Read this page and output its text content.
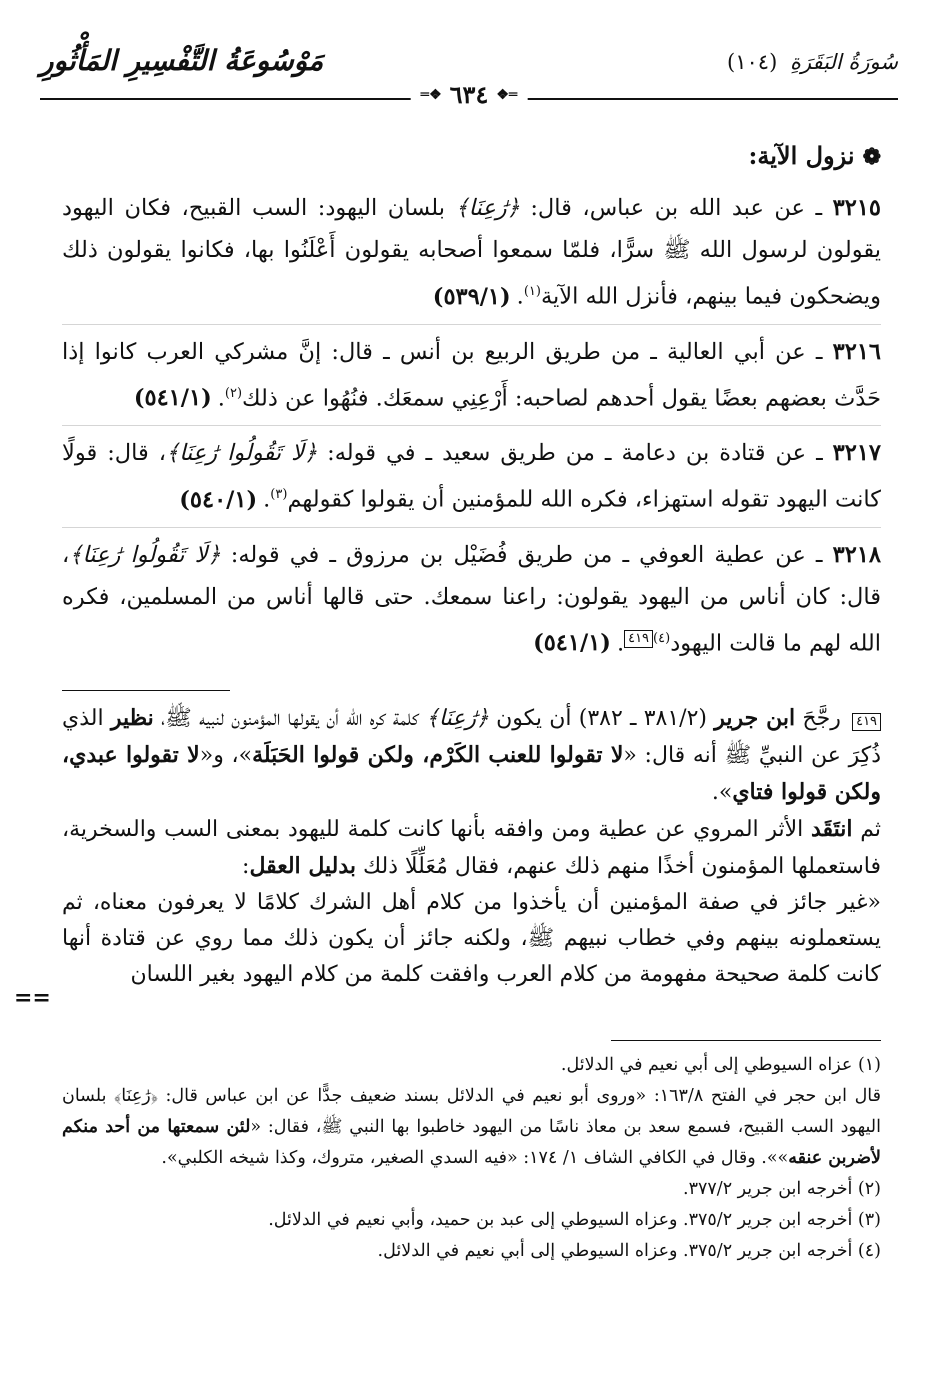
مَوْسُوعَةُ التَّفْسِيرِ المَأْثُورِ	سُورَةُ البَقَرَةِ (١٠٤)
═❖
٦٣٤
❖═
❁نزول الآية:

٣٢١٥ ـ عن عبد الله بن عباس، قال: ﴿رَٰعِنَا﴾ بلسان اليهود: السب القبيح، فكان اليهود يقولون لرسول الله ﷺ سرًّا، فلمّا سمعوا أصحابه يقولون أَعْلَنُوا بها، فكانوا يقولون ذلك ويضحكون فيما بينهم، فأنزل الله الآية$^{(١)}$.(٥٣٩/١)

٣٢١٦ ـ عن أبي العالية ـ من طريق الربيع بن أنس ـ قال: إنَّ مشركي العرب كانوا إذا حَدَّث بعضهم بعضًا يقول أحدهم لصاحبه: أَرْعِنِي سمعَك. فنُهُوا عن ذلك$^{(٢)}$.(٥٤١/١)

٣٢١٧ ـ عن قتادة بن دعامة ـ من طريق سعيد ـ في قوله: ﴿لَا تَقُولُوا رَٰعِنَا﴾، قال: قولًا كانت اليهود تقوله استهزاء، فكره الله للمؤمنين أن يقولوا كقولهم$^{(٣)}$.(٥٤٠/١)

٣٢١٨ ـ عن عطية العوفي ـ من طريق فُضَيْل بن مرزوق ـ في قوله: ﴿لَا تَقُولُوا رَٰعِنَا﴾، قال: كان أناس من اليهود يقولون: راعنا سمعك. حتى قالها أناس من المسلمين، فكره الله لهم ما قالت اليهود$^{(٤)}$٤١٩.(٥٤١/١)

٤١٩ رجَّحَ ابن جرير (٣٨١/٢ ـ ٣٨٢) أن يكون ﴿رَٰعِنَا﴾ كلمة كره الله أن يقولها المؤمنون لنبيه ﷺ، نظير الذي ذُكِرَ عن النبيِّ ﷺ أنه قال: «لا تقولوا للعنب الكَرْم، ولكن قولوا الحَبَلَة»، و«لا تقولوا عبدي، ولكن قولوا فتاي».

ثم انتَقَد الأثر المروي عن عطية ومن وافقه بأنها كانت كلمة لليهود بمعنى السب والسخرية، فاستعملها المؤمنون أخذًا منهم ذلك عنهم، فقال مُعَلِّلًا ذلك بدليل العقل:

«غير جائز في صفة المؤمنين أن يأخذوا من كلام أهل الشرك كلامًا لا يعرفون معناه، ثم يستعملونه بينهم وفي خطاب نبيهم ﷺ، ولكنه جائز أن يكون ذلك مما روي عن قتادة أنها كانت كلمة صحيحة مفهومة من كلام العرب وافقت كلمة من كلام اليهود بغير اللسان

==

(١) عزاه السيوطي إلى أبي نعيم في الدلائل.

قال ابن حجر في الفتح ١٦٣/٨: «وروى أبو نعيم في الدلائل بسند ضعيف جدًّا عن ابن عباس قال: ﴿رَٰعِنَا﴾ بلسان اليهود السب القبيح، فسمع سعد بن معاذ ناسًا من اليهود خاطبوا بها النبي ﷺ، فقال: «لئن سمعتها من أحد منكم لأضربن عنقه»». وقال في الكافي الشاف ١/ ١٧٤: «فيه السدي الصغير، متروك، وكذا شيخه الكلبي».

(٢) أخرجه ابن جرير ٣٧٧/٢.

(٣) أخرجه ابن جرير ٣٧٥/٢. وعزاه السيوطي إلى عبد بن حميد، وأبي نعيم في الدلائل.

(٤) أخرجه ابن جرير ٣٧٥/٢. وعزاه السيوطي إلى أبي نعيم في الدلائل.
